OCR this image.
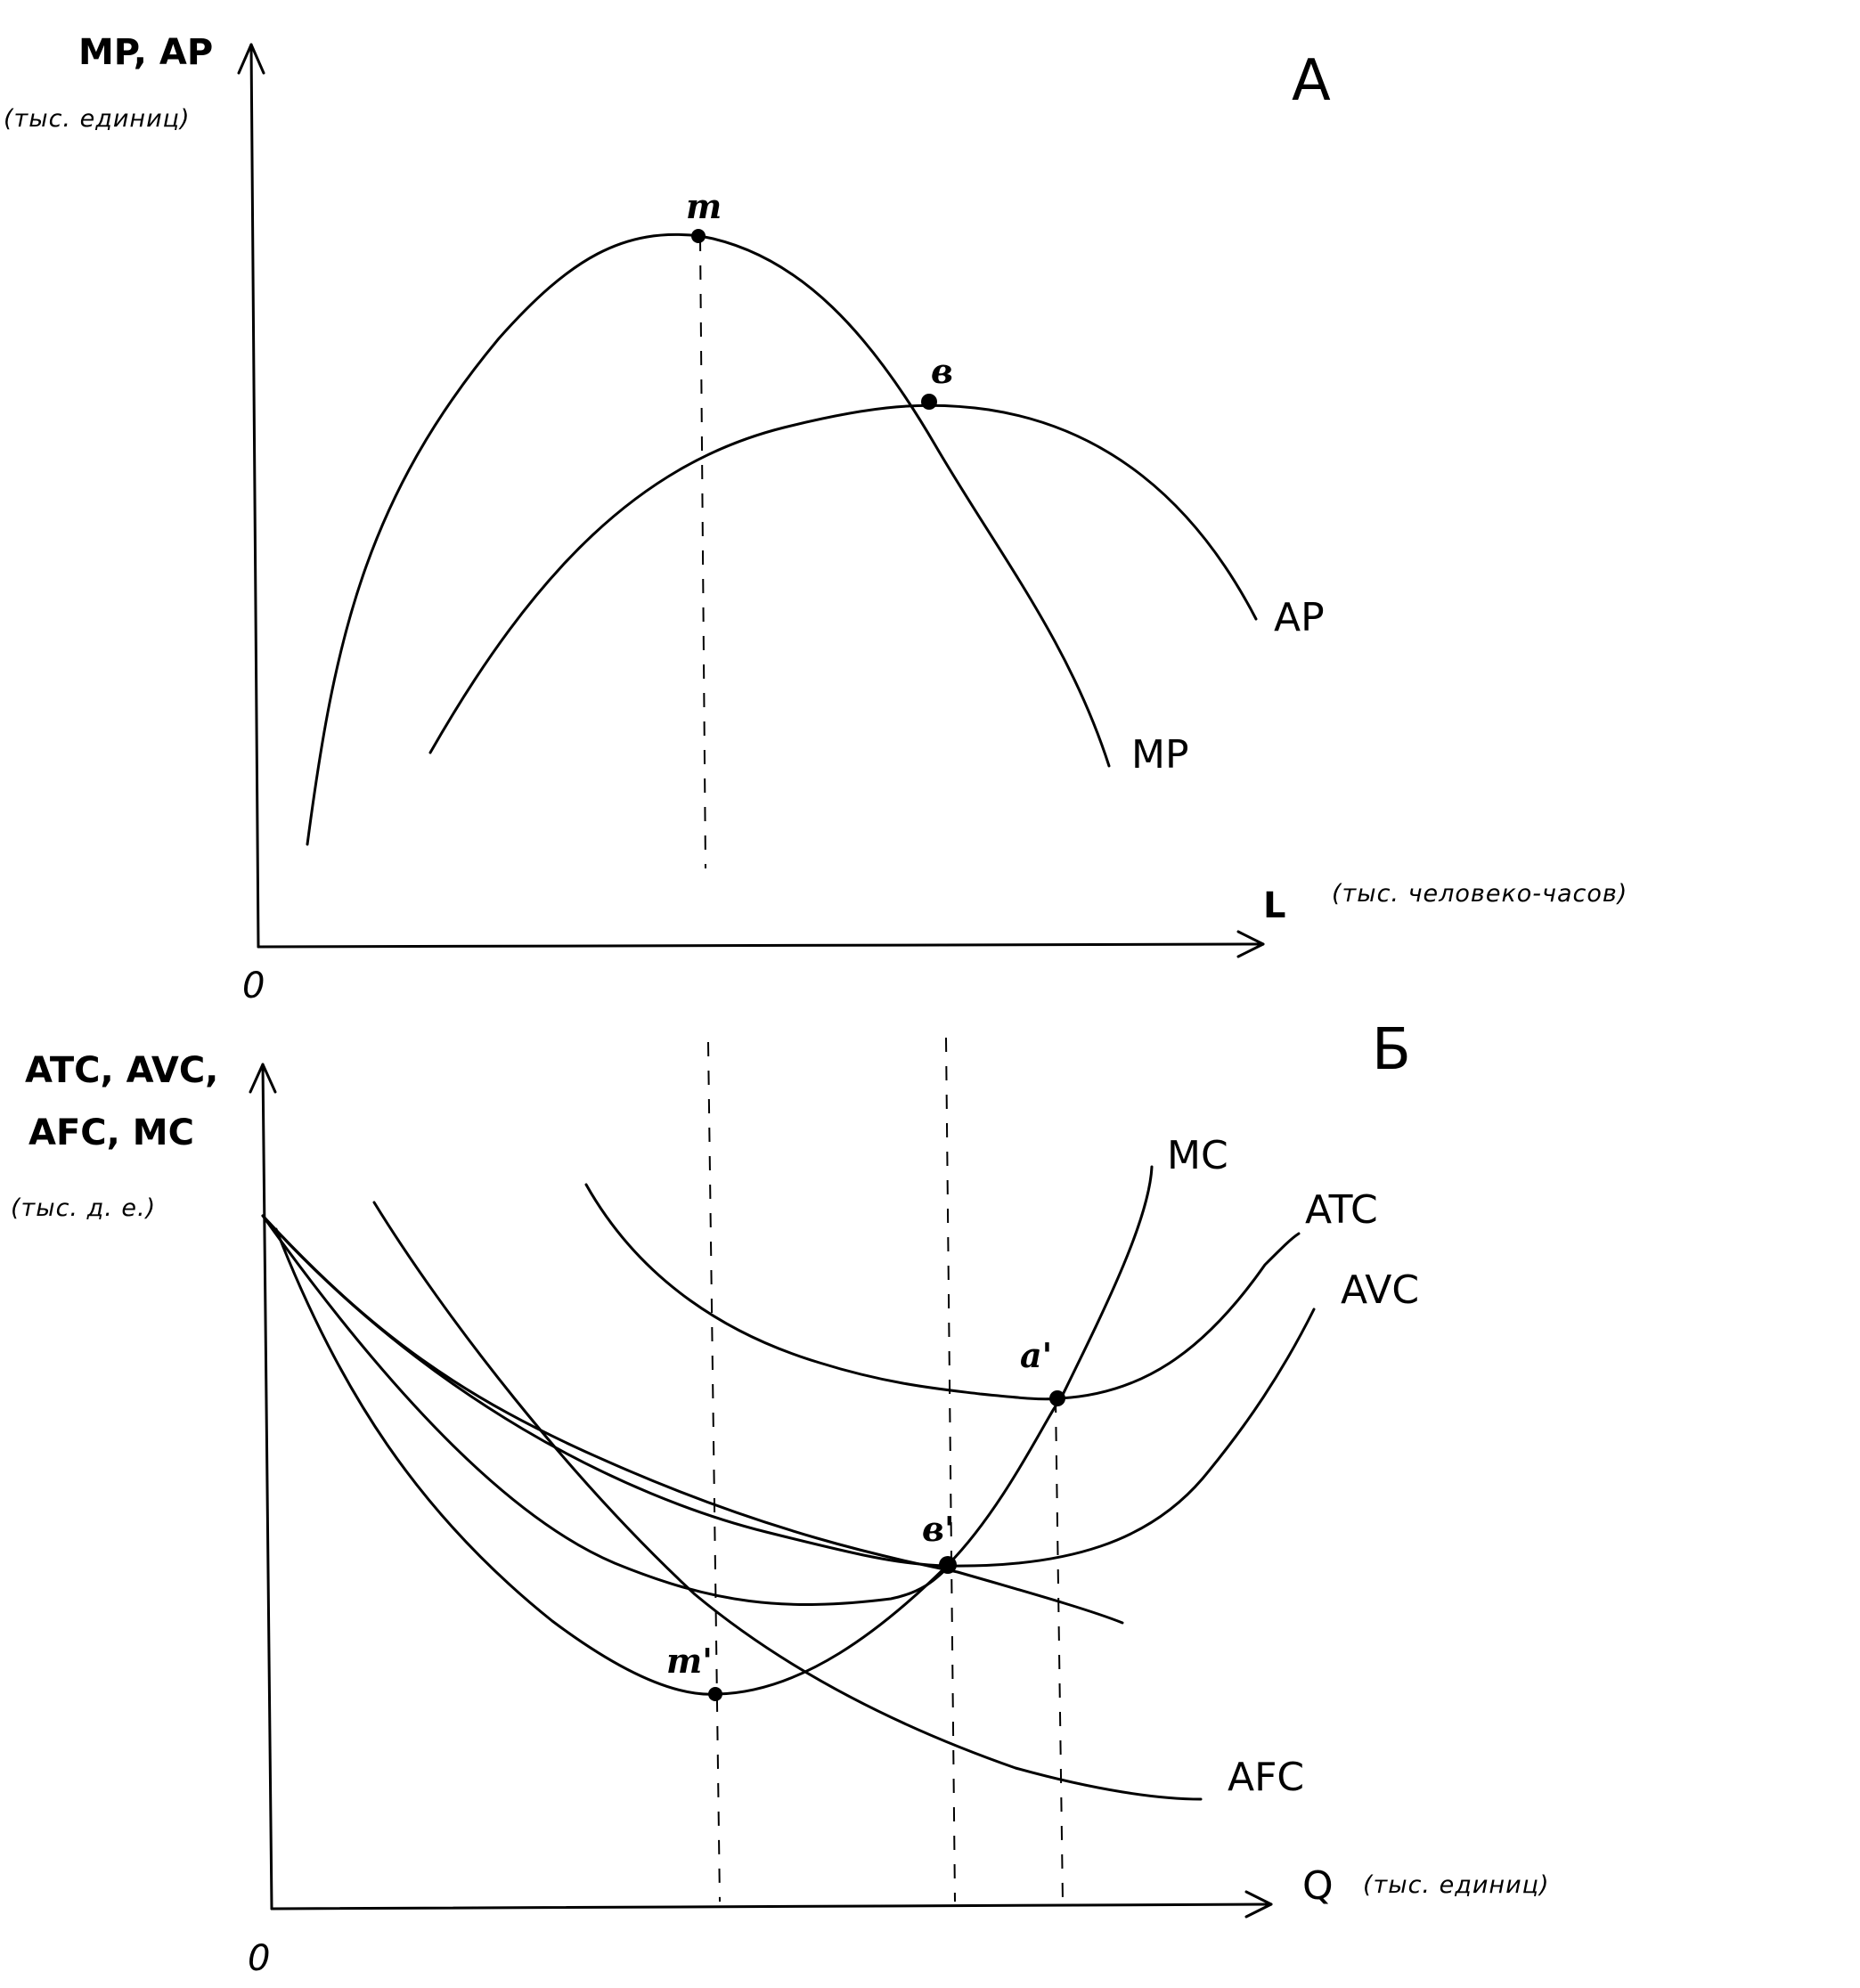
А
MP, AP
(тыс. единиц)
L (тыс. человеко-часов)
0
MP
AP
m
в
Б
ATC, AVC,
AFC, MC
(тыс. д. е.)
Q (тыс. единиц)
0
MC
ATC
AVC
AFC
m'
в'
a'
